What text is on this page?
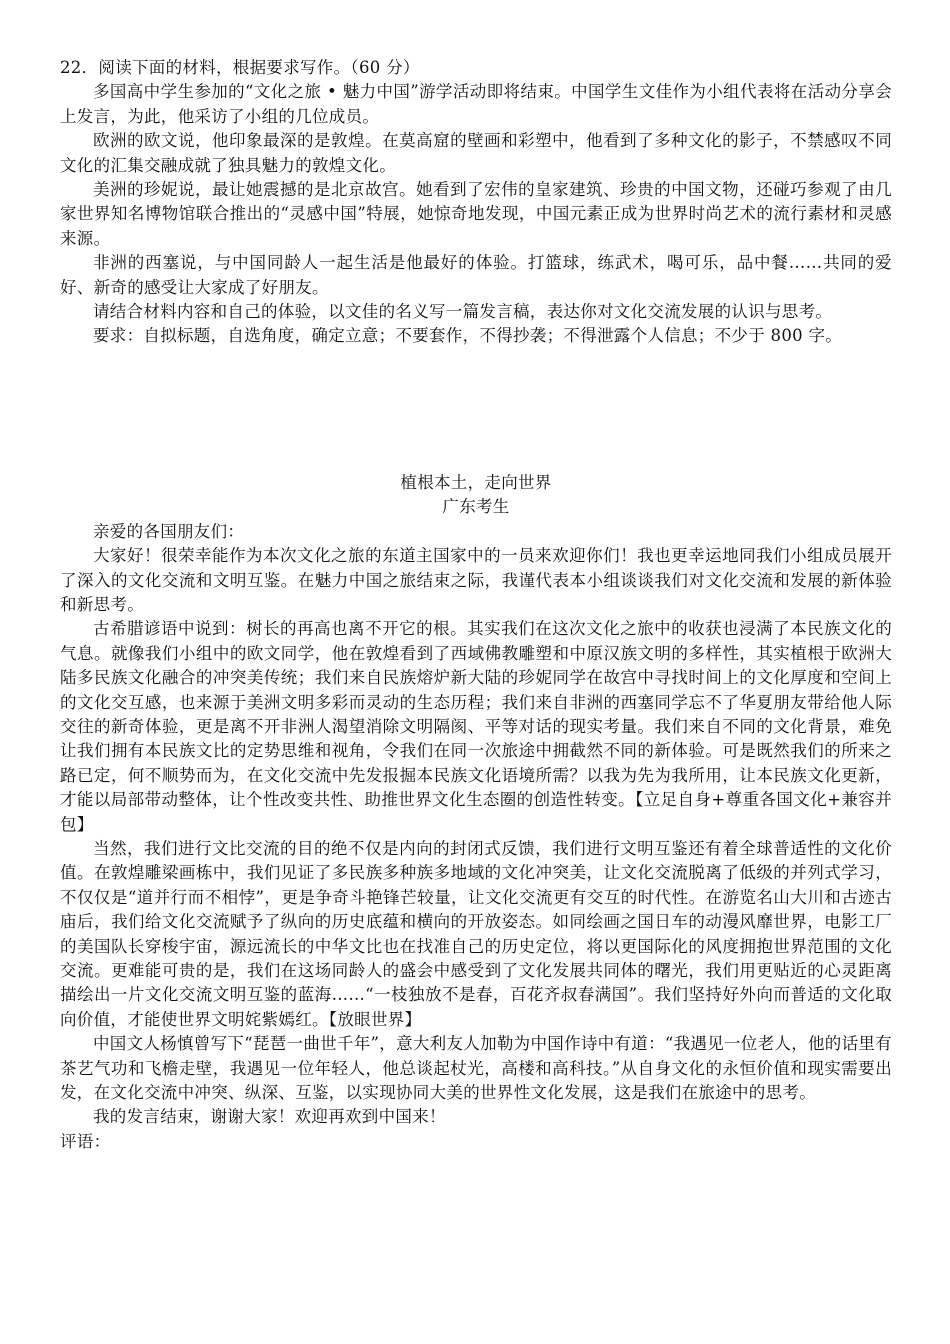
22．阅读下面的材料，根据要求写作。（60 分）

多国高中学生参加的“文化之旅 • 魅力中国”游学活动即将结束。中国学生文佳作为小组代表将在活动分享会上发言，为此，他采访了小组的几位成员。

欧洲的欧文说，他印象最深的是敦煌。在莫高窟的壁画和彩塑中，他看到了多种文化的影子，不禁感叹不同文化的汇集交融成就了独具魅力的敦煌文化。

美洲的珍妮说，最让她震撼的是北京故宫。她看到了宏伟的皇家建筑、珍贵的中国文物，还碰巧参观了由几家世界知名博物馆联合推出的“灵感中国”特展，她惊奇地发现，中国元素正成为世界时尚艺术的流行素材和灵感来源。

非洲的西塞说，与中国同龄人一起生活是他最好的体验。打篮球，练武术，喝可乐，品中餐……共同的爱好、新奇的感受让大家成了好朋友。

请结合材料内容和自己的体验，以文佳的名义写一篇发言稿，表达你对文化交流发展的认识与思考。

要求：自拟标题，自选角度，确定立意；不要套作，不得抄袭；不得泄露个人信息；不少于 800 字。

植根本土，走向世界

广东考生

亲爱的各国朋友们：

大家好！很荣幸能作为本次文化之旅的东道主国家中的一员来欢迎你们！我也更幸运地同我们小组成员展开了深入的文化交流和文明互鉴。在魅力中国之旅结束之际，我谨代表本小组谈谈我们对文化交流和发展的新体验和新思考。

古希腊谚语中说到：树长的再高也离不开它的根。其实我们在这次文化之旅中的收获也浸满了本民族文化的气息。就像我们小组中的欧文同学，他在敦煌看到了西域佛教雕塑和中原汉族文明的多样性，其实植根于欧洲大陆多民族文化融合的冲突美传统；我们来自民族熔炉新大陆的珍妮同学在故宫中寻找时间上的文化厚度和空间上的文化交互感，也来源于美洲文明多彩而灵动的生态历程；我们来自非洲的西塞同学忘不了华夏朋友带给他人际交往的新奇体验，更是离不开非洲人渴望消除文明隔阂、平等对话的现实考量。我们来自不同的文化背景，难免让我们拥有本民族文比的定势思维和视角，令我们在同一次旅途中拥截然不同的新体验。可是既然我们的所来之路已定，何不顺势而为，在文化交流中先发报掘本民族文化语境所需？以我为先为我所用，让本民族文化更新，才能以局部带动整体，让个性改变共性、助推世界文化生态圈的创造性转变。【立足自身+尊重各国文化+兼容并包】

当然，我们进行文比交流的目的绝不仅是内向的封闭式反馈，我们进行文明互鉴还有着全球普适性的文化价值。在敦煌雕梁画栋中，我们见证了多民族多种族多地域的文化冲突美，让文化交流脱离了低级的并列式学习，不仅仅是“道并行而不相悖”，更是争奇斗艳锋芒较量，让文化交流更有交互的时代性。在游览名山大川和古迹古庙后，我们给文化交流赋予了纵向的历史底蕴和横向的开放姿态。如同绘画之国日车的动漫风靡世界，电影工厂的美国队长穿梭宇宙，源远流长的中华文比也在找准自己的历史定位，将以更国际化的风度拥抱世界范围的文化交流。更难能可贵的是，我们在这场同龄人的盛会中感受到了文化发展共同体的曙光，我们用更贴近的心灵距离描绘出一片文化交流文明互鉴的蓝海……“一枝独放不是春，百花齐叔春满国”。我们坚持好外向而普适的文化取向价值，才能使世界文明姹紫嫣红。【放眼世界】

中国文人杨慎曾写下“琵琶一曲世千年”，意大利友人加勒为中国作诗中有道：“我遇见一位老人，他的话里有茶艺气功和飞檐走壁，我遇见一位年轻人，他总谈起杖光，高楼和高科技。”从自身文化的永恒价值和现实需要出发，在文化交流中冲突、纵深、互鉴，以实现协同大美的世界性文化发展，这是我们在旅途中的思考。

我的发言结束，谢谢大家！欢迎再欢到中国来！

评语：
